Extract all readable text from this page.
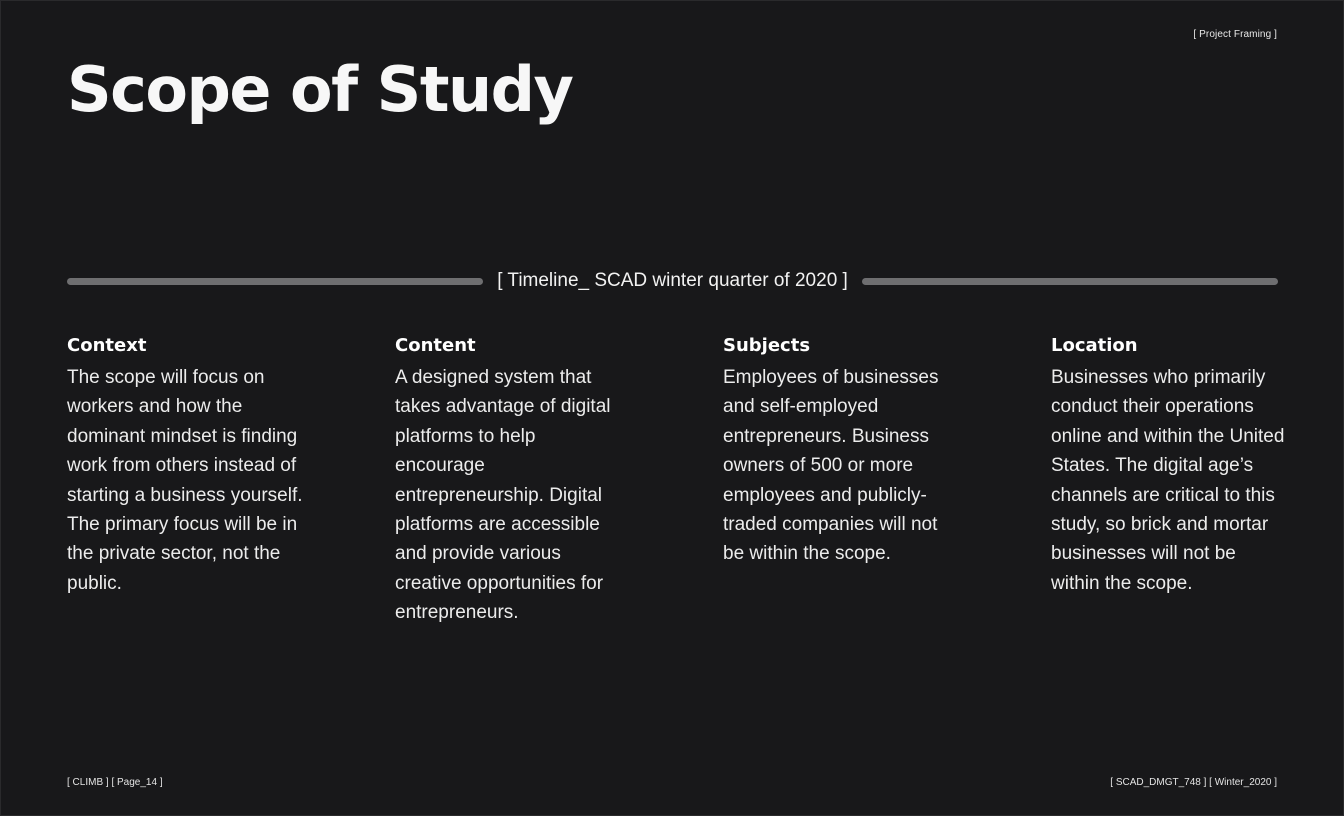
[ Project Framing ]
Scope of Study
[ Timeline_ SCAD winter quarter of 2020 ]
Context

The scope will focus on workers and how the dominant mindset is finding work from others instead of starting a business yourself. The primary focus will be in the private sector, not the public.

Content

A designed system that takes advantage of digital platforms to help encourage entrepreneurship. Digital platforms are accessible and provide various creative opportunities for entrepreneurs.

Subjects

Employees of businesses and self-employed entrepreneurs. Business owners of 500 or more employees and publicly-traded companies will not be within the scope.

Location

Businesses who primarily conduct their operations online and within the United States. The digital age’s channels are critical to this study, so brick and mortar businesses will not be within the scope.

[ CLIMB ] [ Page_14 ]	[ SCAD_DMGT_748 ] [ Winter_2020 ]
